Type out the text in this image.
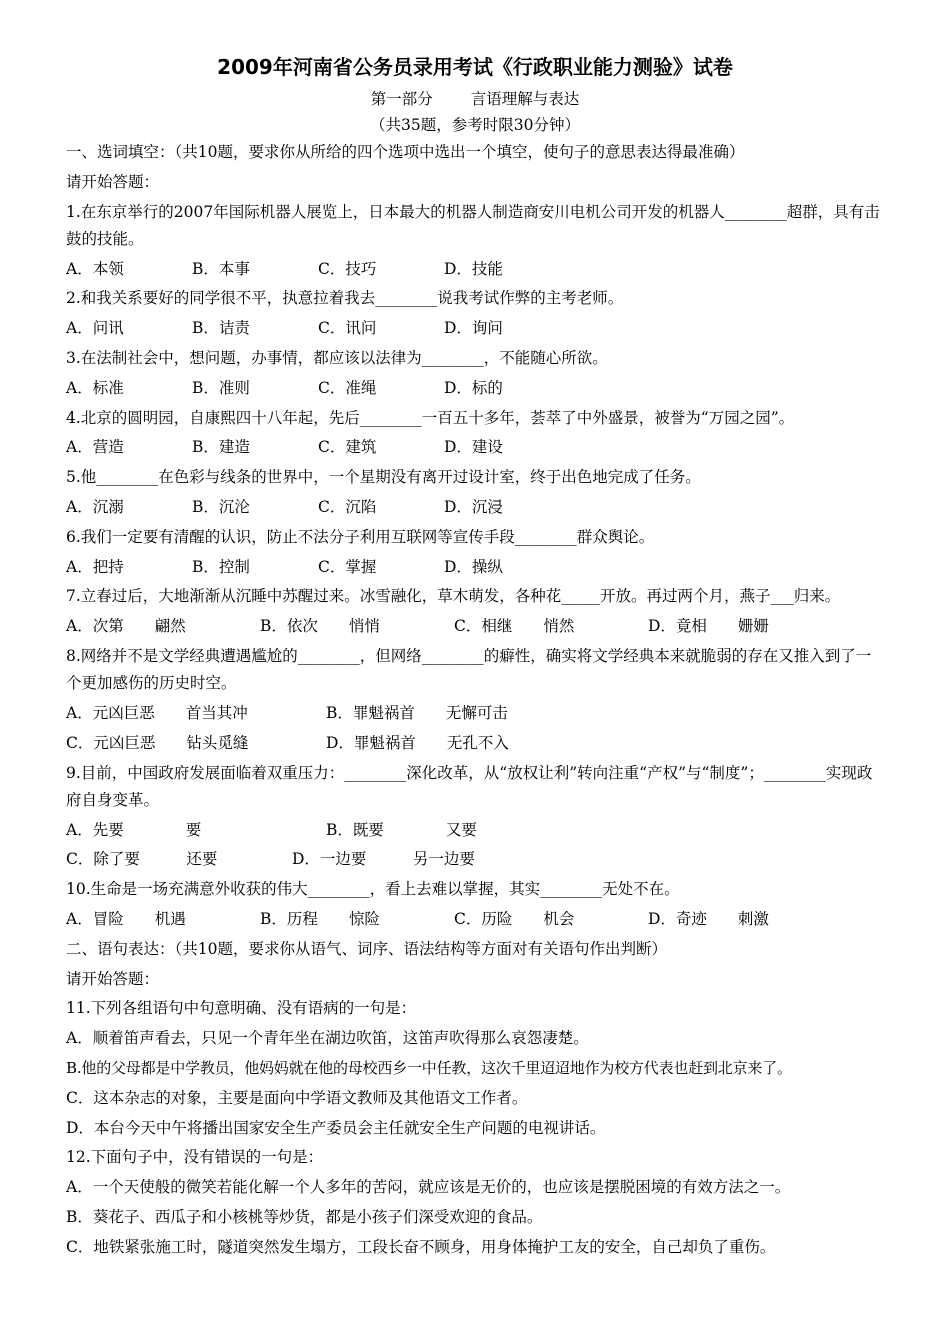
2009年河南省公务员录用考试《行政职业能力测验》试卷
第一部分 言语理解与表达
（共35题，参考时限30分钟）
一、选词填空：（共10题，要求你从所给的四个选项中选出一个填空，使句子的意思表达得最准确）
请开始答题：
1.在东京举行的2007年国际机器人展览上，日本最大的机器人制造商安川电机公司开发的机器人________超群，具有击鼓的技能。
A．本领	B．本事	C．技巧	D．技能
2.和我关系要好的同学很不平，执意拉着我去________说我考试作弊的主考老师。
A．问讯	B．诘责	C．讯问	D．询问
3.在法制社会中，想问题，办事情，都应该以法律为________，不能随心所欲。
A．标准	B．准则	C．准绳	D．标的
4.北京的圆明园，自康熙四十八年起，先后________一百五十多年，荟萃了中外盛景，被誉为“万园之园”。
A．营造	B．建造	C．建筑	D．建设
5.他________在色彩与线条的世界中，一个星期没有离开过设计室，终于出色地完成了任务。
A．沉溺	B．沉沦	C．沉陷	D．沉浸
6.我们一定要有清醒的认识，防止不法分子利用互联网等宣传手段________群众舆论。
A．把持	B．控制	C．掌握	D．操纵
7.立春过后，大地渐渐从沉睡中苏醒过来。冰雪融化，草木萌发，各种花_____开放。再过两个月，燕子___归来。
A．次第　　翩然	B．依次　　悄悄	C．相继　　悄然	D．竟相　　姗姗
8.网络并不是文学经典遭遇尴尬的________，但网络________的癖性，确实将文学经典本来就脆弱的存在又推入到了一个更加感伤的历史时空。
A．元凶巨恶　　首当其冲	B．罪魁祸首　　无懈可击
C．元凶巨恶　　钻头觅缝	D．罪魁祸首　　无孔不入
9.目前，中国政府发展面临着双重压力：________深化改革，从“放权让利”转向注重“产权”与“制度”；________实现政府自身变革。
A．先要　　　　要	B．既要　　　　又要
C．除了要　　　还要	D．一边要　　　另一边要
10.生命是一场充满意外收获的伟大________，看上去难以掌握，其实________无处不在。
A．冒险　　机遇	B．历程　　惊险	C．历险　　机会	D．奇迹　　刺激
二、语句表达：（共10题，要求你从语气、词序、语法结构等方面对有关语句作出判断）
请开始答题：
11.下列各组语句中句意明确、没有语病的一句是：
A．顺着笛声看去，只见一个青年坐在湖边吹笛，这笛声吹得那么哀怨凄楚。
B.他的父母都是中学教员，他妈妈就在他的母校西乡一中任教，这次千里迢迢地作为校方代表也赶到北京来了。
C．这本杂志的对象，主要是面向中学语文教师及其他语文工作者。
D．本台今天中午将播出国家安全生产委员会主任就安全生产问题的电视讲话。
12.下面句子中，没有错误的一句是：
A．一个天使般的微笑若能化解一个人多年的苦闷，就应该是无价的，也应该是摆脱困境的有效方法之一。
B．葵花子、西瓜子和小核桃等炒货，都是小孩子们深受欢迎的食品。
C．地铁紧张施工时，隧道突然发生塌方，工段长奋不顾身，用身体掩护工友的安全，自己却负了重伤。
